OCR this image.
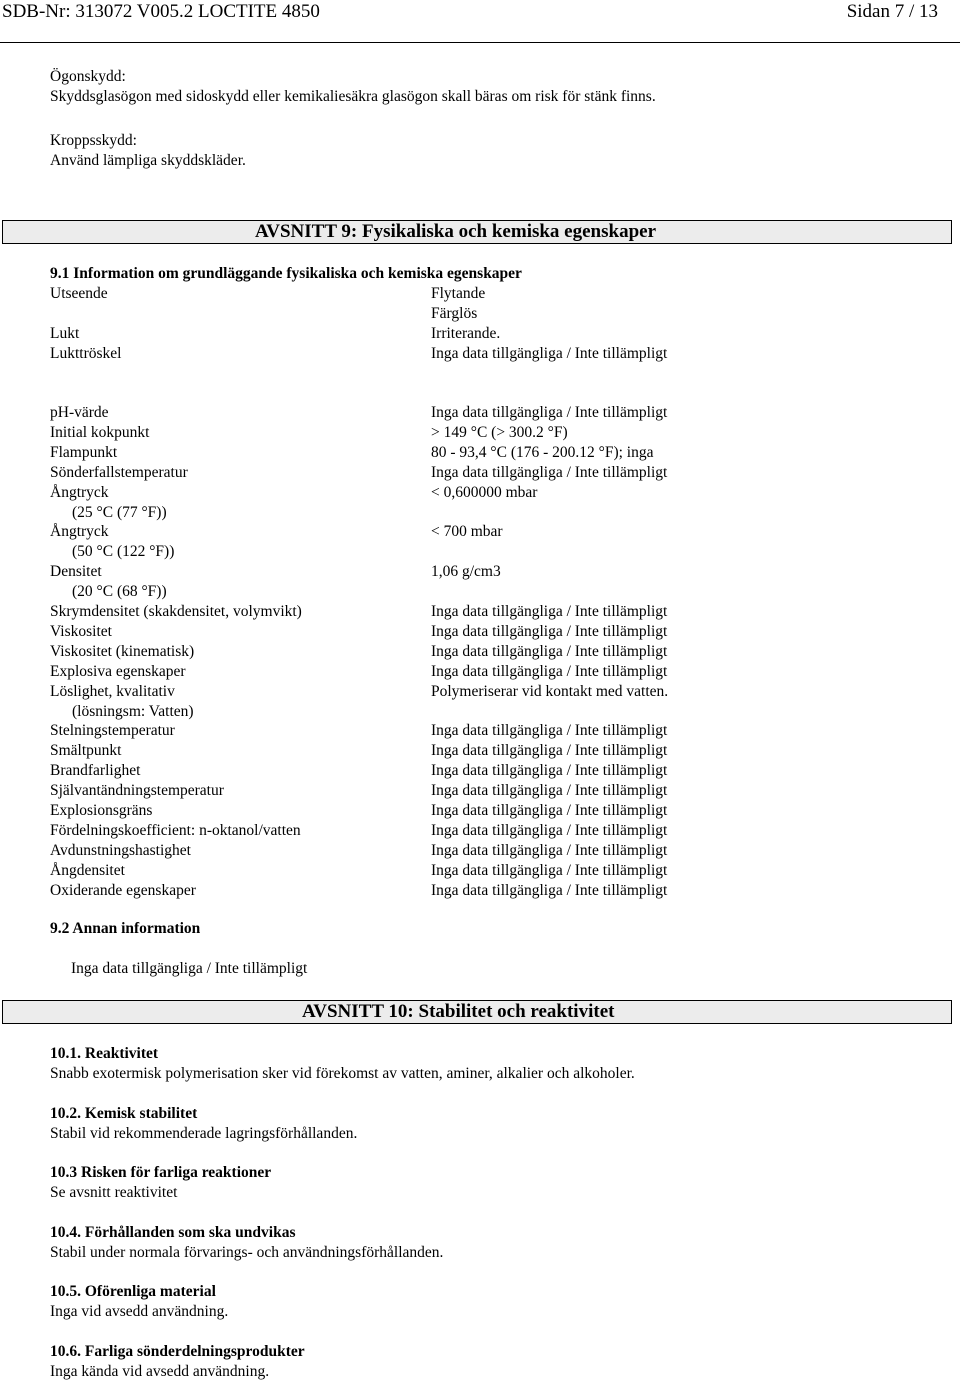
SDB-Nr: 313072 V005.2 LOCTITE 4850	Sidan 7 / 13
Ögonskydd:
Skyddsglasögon med sidoskydd eller kemikaliesäkra glasögon skall bäras om risk för stänk finns.
Kroppsskydd:
Använd lämpliga skyddskläder.
AVSNITT 9: Fysikaliska och kemiska egenskaper
9.1 Information om grundläggande fysikaliska och kemiska egenskaper
Utseende	Flytande
Färglös
Lukt	Irriterande.
Lukttröskel	Inga data tillgängliga / Inte tillämpligt
pH-värde	Inga data tillgängliga / Inte tillämpligt
Initial kokpunkt	> 149 °C (> 300.2 °F)
Flampunkt	80 - 93,4 °C (176 - 200.12 °F); inga
Sönderfallstemperatur	Inga data tillgängliga / Inte tillämpligt
Ångtryck	< 0,600000 mbar
(25 °C (77 °F))
Ångtryck	< 700 mbar
(50 °C (122 °F))
Densitet	1,06 g/cm3
(20 °C (68 °F))
Skrymdensitet (skakdensitet, volymvikt)	Inga data tillgängliga / Inte tillämpligt
Viskositet	Inga data tillgängliga / Inte tillämpligt
Viskositet (kinematisk)	Inga data tillgängliga / Inte tillämpligt
Explosiva egenskaper	Inga data tillgängliga / Inte tillämpligt
Löslighet, kvalitativ	Polymeriserar vid kontakt med vatten.
(lösningsm: Vatten)
Stelningstemperatur	Inga data tillgängliga / Inte tillämpligt
Smältpunkt	Inga data tillgängliga / Inte tillämpligt
Brandfarlighet	Inga data tillgängliga / Inte tillämpligt
Självantändningstemperatur	Inga data tillgängliga / Inte tillämpligt
Explosionsgräns	Inga data tillgängliga / Inte tillämpligt
Fördelningskoefficient: n-oktanol/vatten	Inga data tillgängliga / Inte tillämpligt
Avdunstningshastighet	Inga data tillgängliga / Inte tillämpligt
Ångdensitet	Inga data tillgängliga / Inte tillämpligt
Oxiderande egenskaper	Inga data tillgängliga / Inte tillämpligt
9.2 Annan information
Inga data tillgängliga / Inte tillämpligt
AVSNITT 10: Stabilitet och reaktivitet
10.1. Reaktivitet
Snabb exotermisk polymerisation sker vid förekomst av vatten, aminer, alkalier och alkoholer.
10.2. Kemisk stabilitet
Stabil vid rekommenderade lagringsförhållanden.
10.3 Risken för farliga reaktioner
Se avsnitt reaktivitet
10.4. Förhållanden som ska undvikas
Stabil under normala förvarings- och användningsförhållanden.
10.5. Oförenliga material
Inga vid avsedd användning.
10.6. Farliga sönderdelningsprodukter
Inga kända vid avsedd användning.
